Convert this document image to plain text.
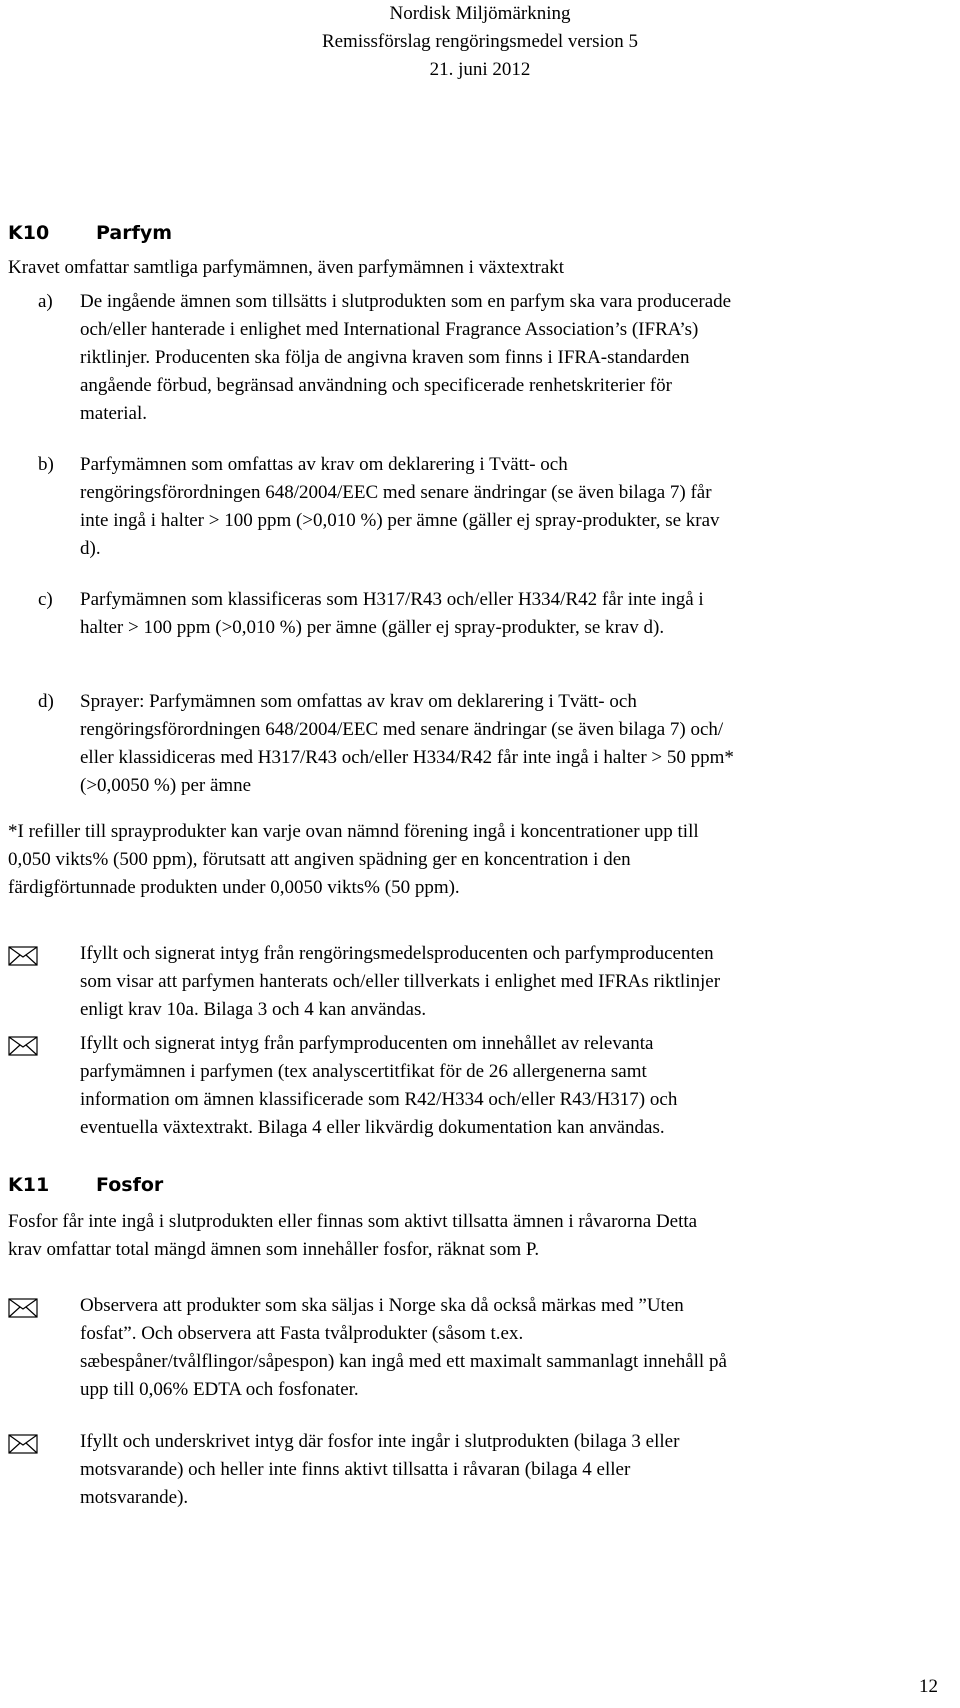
Nordisk Miljömärkning
Remissförslag rengöringsmedel version 5
21. juni 2012
K10 Parfym
Kravet omfattar samtliga parfymämnen, även parfymämnen i växtextrakt
a) De ingående ämnen som tillsätts i slutprodukten som en parfym ska vara producerade
och/eller hanterade i enlighet med International Fragrance Association’s (IFRA’s)
riktlinjer. Producenten ska följa de angivna kraven som finns i IFRA-standarden
angående förbud, begränsad användning och specificerade renhetskriterier för
material.
b) Parfymämnen som omfattas av krav om deklarering i Tvätt- och
rengöringsförordningen 648/2004/EEC med senare ändringar (se även bilaga 7) får
inte ingå i halter > 100 ppm (>0,010 %) per ämne (gäller ej spray-produkter, se krav
d).
c) Parfymämnen som klassificeras som H317/R43 och/eller H334/R42 får inte ingå i
halter > 100 ppm (>0,010 %) per ämne (gäller ej spray-produkter, se krav d).
d) Sprayer: Parfymämnen som omfattas av krav om deklarering i Tvätt- och
rengöringsförordningen 648/2004/EEC med senare ändringar (se även bilaga 7) och/
eller klassidiceras med H317/R43 och/eller H334/R42 får inte ingå i halter > 50 ppm*
(>0,0050 %) per ämne
*I refiller till sprayprodukter kan varje ovan nämnd förening ingå i koncentrationer upp till
0,050 vikts% (500 ppm), förutsatt att angiven spädning ger en koncentration i den
färdigförtunnade produkten under 0,0050 vikts% (50 ppm).
Ifyllt och signerat intyg från rengöringsmedelsproducenten och parfymproducenten
som visar att parfymen hanterats och/eller tillverkats i enlighet med IFRAs riktlinjer
enligt krav 10a. Bilaga 3 och 4 kan användas.
Ifyllt och signerat intyg från parfymproducenten om innehållet av relevanta
parfymämnen i parfymen (tex analyscertitfikat för de 26 allergenerna samt
information om ämnen klassificerade som R42/H334 och/eller R43/H317) och
eventuella växtextrakt. Bilaga 4 eller likvärdig dokumentation kan användas.
K11 Fosfor
Fosfor får inte ingå i slutprodukten eller finnas som aktivt tillsatta ämnen i råvarorna Detta
krav omfattar total mängd ämnen som innehåller fosfor, räknat som P.
Observera att produkter som ska säljas i Norge ska då också märkas med ”Uten
fosfat”. Och observera att Fasta tvålprodukter (såsom t.ex.
sæbespåner/tvålflingor/såpespon) kan ingå med ett maximalt sammanlagt innehåll på
upp till 0,06% EDTA och fosfonater.
Ifyllt och underskrivet intyg där fosfor inte ingår i slutprodukten (bilaga 3 eller
motsvarande) och heller inte finns aktivt tillsatta i råvaran (bilaga 4 eller
motsvarande).
12
